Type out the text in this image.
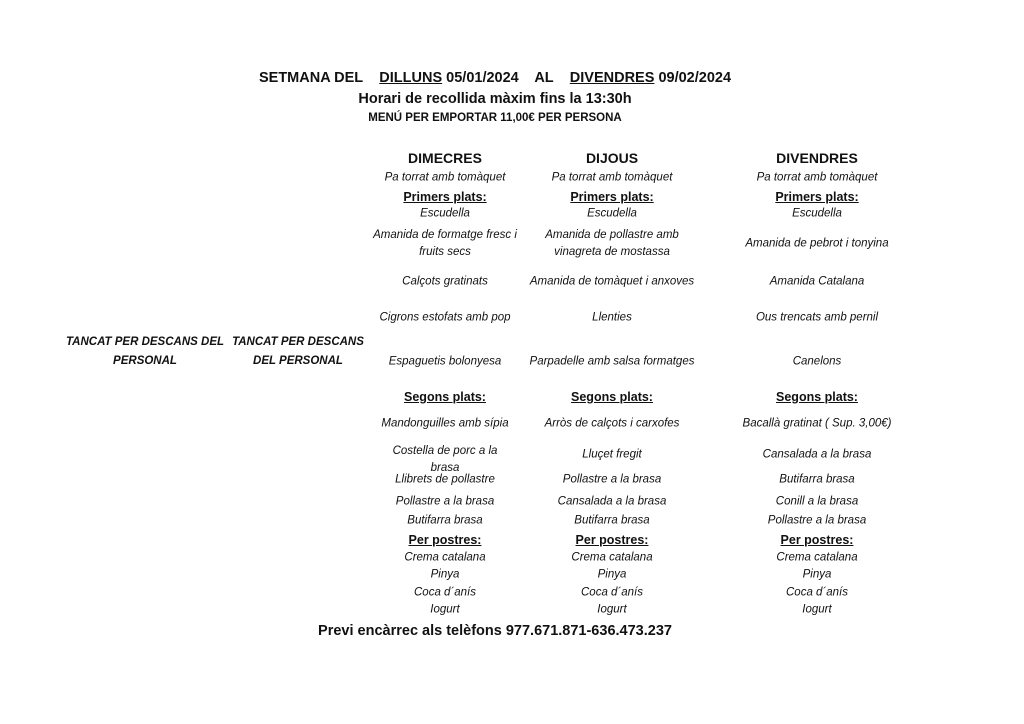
SETMANA DEL DILLUNS 05/01/2024 AL DIVENDRES 09/02/2024
Horari de recollida màxim fins la 13:30h
MENÚ PER EMPORTAR 11,00€ PER PERSONA
TANCAT PER DESCANS DEL PERSONAL
TANCAT PER DESCANS DEL PERSONAL
DIMECRES
Pa torrat amb tomàquet
Primers plats:
Escudella
Amanida de formatge fresc i fruits secs
Calçots gratinats
Cigrons estofats amb pop
Espaguetis bolonyesa
Segons plats:
Mandonguilles amb sípia
Costella de porc a la brasa
Llibrets de pollastre
Pollastre a la brasa
Butifarra brasa
Per postres:
Crema catalana
Pinya
Coca d´anís
Iogurt
DIJOUS
Pa torrat amb tomàquet
Primers plats:
Escudella
Amanida de pollastre amb vinagreta de mostassa
Amanida de tomàquet i anxoves
Llenties
Parpadelle amb salsa formatges
Segons plats:
Arròs de calçots i carxofes
Lluçet fregit
Pollastre a la brasa
Cansalada a la brasa
Butifarra brasa
Per postres:
Crema catalana
Pinya
Coca d´anís
Iogurt
DIVENDRES
Pa torrat amb tomàquet
Primers plats:
Escudella
Amanida de pebrot i tonyina
Amanida Catalana
Ous trencats amb pernil
Canelons
Segons plats:
Bacallà gratinat ( Sup. 3,00€)
Cansalada a la brasa
Butifarra brasa
Conill a la brasa
Pollastre a la brasa
Per postres:
Crema catalana
Pinya
Coca d´anís
Iogurt
Previ encàrrec als telèfons 977.671.871-636.473.237
